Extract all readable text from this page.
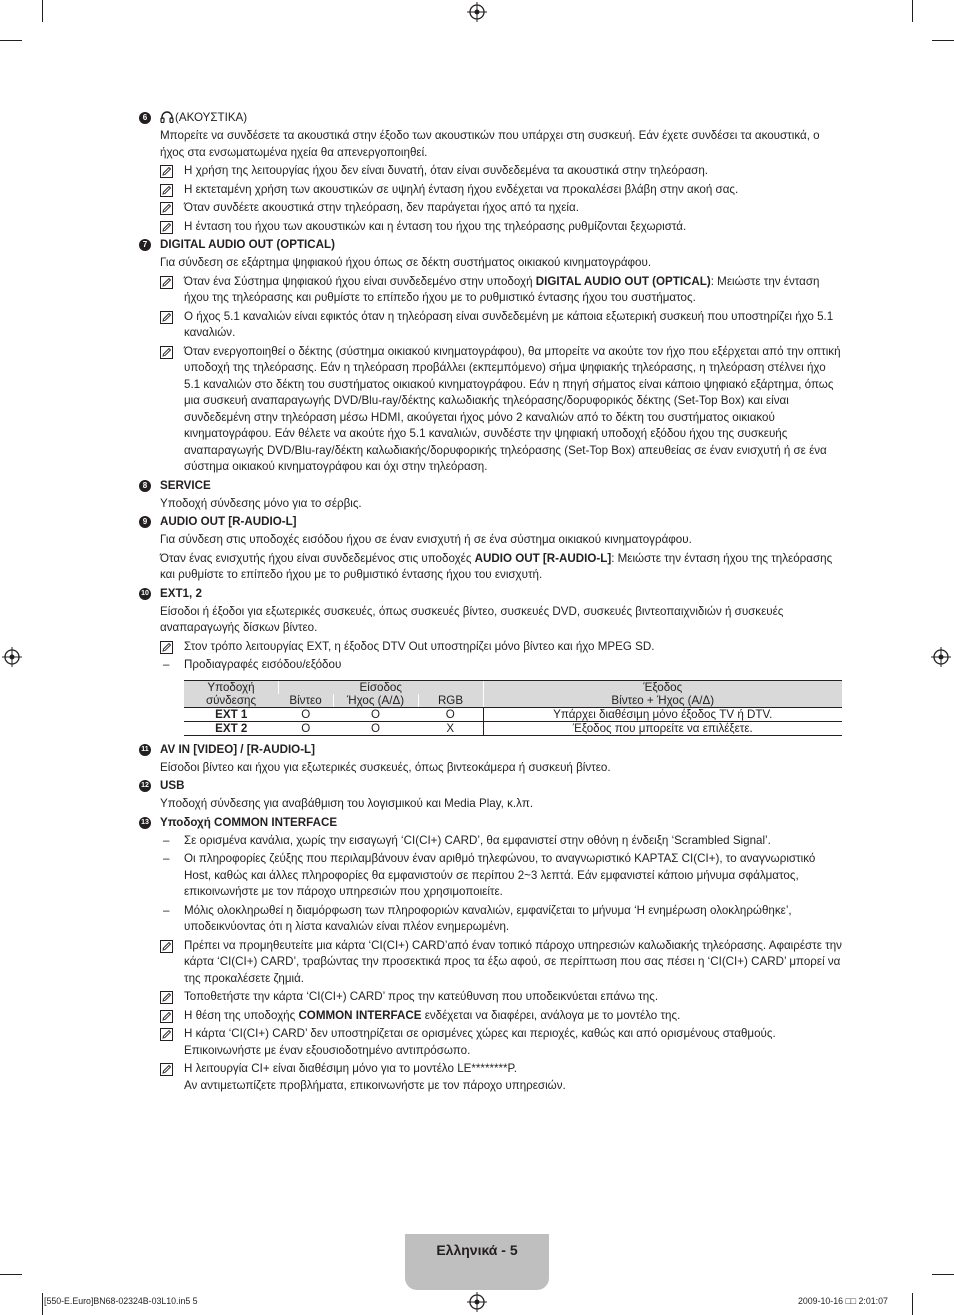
6	(ΑΚΟΥΣΤΙΚΑ)
Μπορείτε να συνδέσετε τα ακουστικά στην έξοδο των ακουστικών που υπάρχει στη συσκευή. Εάν έχετε συνδέσει τα ακουστικά, ο ήχος στα ενσωματωμένα ηχεία θα απενεργοποιηθεί.
Η χρήση της λειτουργίας ήχου δεν είναι δυνατή, όταν είναι συνδεδεμένα τα ακουστικά στην τηλεόραση.
Η εκτεταμένη χρήση των ακουστικών σε υψηλή ένταση ήχου ενδέχεται να προκαλέσει βλάβη στην ακοή σας.
Όταν συνδέετε ακουστικά στην τηλεόραση, δεν παράγεται ήχος από τα ηχεία.
Η ένταση του ήχου των ακουστικών και η ένταση του ήχου της τηλεόρασης ρυθμίζονται ξεχωριστά.
7	DIGITAL AUDIO OUT (OPTICAL)
Για σύνδεση σε εξάρτημα ψηφιακού ήχου όπως σε δέκτη συστήματος οικιακού κινηματογράφου.
Όταν ένα Σύστημα ψηφιακού ήχου είναι συνδεδεμένο στην υποδοχή DIGITAL AUDIO OUT (OPTICAL): Μειώστε την ένταση ήχου της τηλεόρασης και ρυθμίστε το επίπεδο ήχου με το ρυθμιστικό έντασης ήχου του συστήματος.
Ο ήχος 5.1 καναλιών είναι εφικτός όταν η τηλεόραση είναι συνδεδεμένη με κάποια εξωτερική συσκευή που υποστηρίζει ήχο 5.1 καναλιών.
Όταν ενεργοποιηθεί ο δέκτης (σύστημα οικιακού κινηματογράφου), θα μπορείτε να ακούτε τον ήχο που εξέρχεται από την οπτική υποδοχή της τηλεόρασης. Εάν η τηλεόραση προβάλλει (εκπεμπόμενο) σήμα ψηφιακής τηλεόρασης, η τηλεόραση στέλνει ήχο 5.1 καναλιών στο δέκτη του συστήματος οικιακού κινηματογράφου. Εάν η πηγή σήματος είναι κάποιο ψηφιακό εξάρτημα, όπως μια συσκευή αναπαραγωγής DVD/Blu-ray/δέκτης καλωδιακής τηλεόρασης/δορυφορικός δέκτης (Set-Top Box) και είναι συνδεδεμένη στην τηλεόραση μέσω HDMI, ακούγεται ήχος μόνο 2 καναλιών από το δέκτη του συστήματος οικιακού κινηματογράφου. Εάν θέλετε να ακούτε ήχο 5.1 καναλιών, συνδέστε την ψηφιακή υποδοχή εξόδου ήχου της συσκευής αναπαραγωγής DVD/Blu-ray/δέκτη καλωδιακής/δορυφορικής τηλεόρασης (Set-Top Box) απευθείας σε έναν ενισχυτή ή σε ένα σύστημα οικιακού κινηματογράφου και όχι στην τηλεόραση.
8	SERVICE
Υποδοχή σύνδεσης μόνο για το σέρβις.
9	AUDIO OUT [R-AUDIO-L]
Για σύνδεση στις υποδοχές εισόδου ήχου σε έναν ενισχυτή ή σε ένα σύστημα οικιακού κινηματογράφου.
Όταν ένας ενισχυτής ήχου είναι συνδεδεμένος στις υποδοχές AUDIO OUT [R-AUDIO-L]: Μειώστε την ένταση ήχου της τηλεόρασης και ρυθμίστε το επίπεδο ήχου με το ρυθμιστικό έντασης ήχου του ενισχυτή.
10 EXT1, 2
Είσοδοι ή έξοδοι για εξωτερικές συσκευές, όπως συσκευές βίντεο, συσκευές DVD, συσκευές βιντεοπαιχνιδιών ή συσκευές αναπαραγωγής δίσκων βίντεο.
Στον τρόπο λειτουργίας EXT, η έξοδος DTV Out υποστηρίζει μόνο βίντεο και ήχο MPEG SD.
– Προδιαγραφές εισόδου/εξόδου
Υποδοχή σύνδεσης	Είσοδος			Έξοδος
	Βίντεο	Ήχος (Α/Δ)	RGB	Βίντεο + Ήχος (Α/Δ)
EXT 1	O	O	O	Υπάρχει διαθέσιμη μόνο έξοδος TV ή DTV.
EXT 2	O	O	X	Έξοδος που μπορείτε να επιλέξετε.
11 AV IN [VIDEO] / [R-AUDIO-L]
Είσοδοι βίντεο και ήχου για εξωτερικές συσκευές, όπως βιντεοκάμερα ή συσκευή βίντεο.
12 USB
Υποδοχή σύνδεσης για αναβάθμιση του λογισμικού και Media Play, κ.λπ.
13 Υποδοχή COMMON INTERFACE
– Σε ορισμένα κανάλια, χωρίς την εισαγωγή ‘CI(CI+) CARD’, θα εμφανιστεί στην οθόνη η ένδειξη ‘Scrambled Signal’.
– Οι πληροφορίες ζεύξης που περιλαμβάνουν έναν αριθμό τηλεφώνου, το αναγνωριστικό ΚΑΡΤΑΣ CI(CI+), το αναγνωριστικό Host, καθώς και άλλες πληροφορίες θα εμφανιστούν σε περίπου 2~3 λεπτά. Εάν εμφανιστεί κάποιο μήνυμα σφάλματος, επικοινωνήστε με τον πάροχο υπηρεσιών που χρησιμοποιείτε.
– Μόλις ολοκληρωθεί η διαμόρφωση των πληροφοριών καναλιών, εμφανίζεται το μήνυμα ‘Η ενημέρωση ολοκληρώθηκε’, υποδεικνύοντας ότι η λίστα καναλιών είναι πλέον ενημερωμένη.
Πρέπει να προμηθευτείτε μια κάρτα ‘CI(CI+) CARD’από έναν τοπικό πάροχο υπηρεσιών καλωδιακής τηλεόρασης. Αφαιρέστε την κάρτα ‘CI(CI+) CARD’, τραβώντας την προσεκτικά προς τα έξω αφού, σε περίπτωση που σας πέσει η ‘CI(CI+) CARD’ μπορεί να της προκαλέσετε ζημιά.
Τοποθετήστε την κάρτα ‘CI(CI+) CARD’ προς την κατεύθυνση που υποδεικνύεται επάνω της.
Η θέση της υποδοχής COMMON INTERFACE ενδέχεται να διαφέρει, ανάλογα με το μοντέλο της.
Η κάρτα ‘CI(CI+) CARD’ δεν υποστηρίζεται σε ορισμένες χώρες και περιοχές, καθώς και από ορισμένους σταθμούς. Επικοινωνήστε με έναν εξουσιοδοτημένο αντιπρόσωπο.
Η λειτουργία CI+ είναι διαθέσιμη μόνο για το μοντέλο LE********P.
Αν αντιμετωπίζετε προβλήματα, επικοινωνήστε με τον πάροχο υπηρεσιών.
Ελληνικά - 5
[550-E.Euro]BN68-02324B-03L10.in5 5	2009-10-16 □□ 2:01:07
